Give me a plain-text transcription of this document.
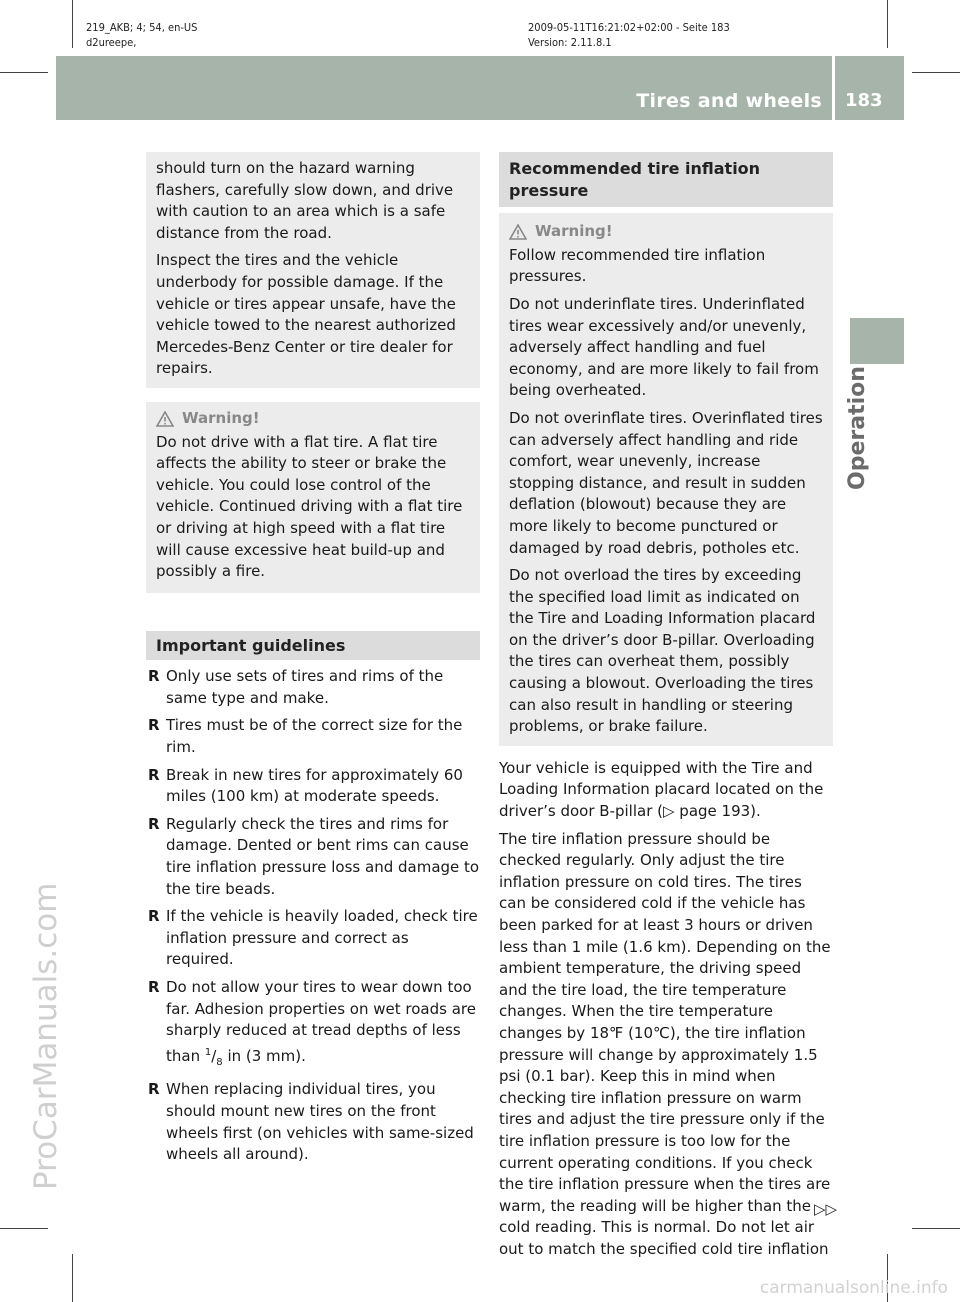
219_AKB; 4; 54, en-US
d2ureepe,
2009-05-11T16:21:02+02:00 - Seite 183
Version: 2.11.8.1
Tires and wheels 183
Operation
ProCarManuals.com

should turn on the hazard warning flashers, carefully slow down, and drive with caution to an area which is a safe distance from the road.

Inspect the tires and the vehicle underbody for possible damage. If the vehicle or tires appear unsafe, have the vehicle towed to the nearest authorized Mercedes-Benz Center or tire dealer for repairs.

Warning!

Do not drive with a flat tire. A flat tire affects the ability to steer or brake the vehicle. You could lose control of the vehicle. Continued driving with a flat tire or driving at high speed with a flat tire will cause excessive heat build-up and possibly a fire.

Important guidelines
R Only use sets of tires and rims of the same type and make.
R Tires must be of the correct size for the rim.
R Break in new tires for approximately 60 miles (100 km) at moderate speeds.
R Regularly check the tires and rims for damage. Dented or bent rims can cause tire inflation pressure loss and damage to the tire beads.
R If the vehicle is heavily loaded, check tire inflation pressure and correct as required.
R Do not allow your tires to wear down too far. Adhesion properties on wet roads are sharply reduced at tread depths of less than $^1/_8$ in (3 mm).
R When replacing individual tires, you should mount new tires on the front wheels first (on vehicles with same-sized wheels all around).
Recommended tire inflation pressure
Warning!

Follow recommended tire inflation pressures.

Do not underinflate tires. Underinflated tires wear excessively and/or unevenly, adversely affect handling and fuel economy, and are more likely to fail from being overheated.

Do not overinflate tires. Overinflated tires can adversely affect handling and ride comfort, wear unevenly, increase stopping distance, and result in sudden deflation (blowout) because they are more likely to become punctured or damaged by road debris, potholes etc.

Do not overload the tires by exceeding the specified load limit as indicated on the Tire and Loading Information placard on the driver’s door B-pillar. Overloading the tires can overheat them, possibly causing a blowout. Overloading the tires can also result in handling or steering problems, or brake failure.

Your vehicle is equipped with the Tire and Loading Information placard located on the driver’s door B-pillar (▷ page 193).

The tire inflation pressure should be checked regularly. Only adjust the tire inflation pressure on cold tires. The tires can be considered cold if the vehicle has been parked for at least 3 hours or driven less than 1 mile (1.6 km). Depending on the ambient temperature, the driving speed and the tire load, the tire temperature changes. When the tire temperature changes by 18℉ (10℃), the tire inflation pressure will change by approximately 1.5 psi (0.1 bar). Keep this in mind when checking tire inflation pressure on warm tires and adjust the tire pressure only if the tire inflation pressure is too low for the current operating conditions. If you check the tire inflation pressure when the tires are warm, the reading will be higher than the cold reading. This is normal. Do not let air out to match the specified cold tire inflation

▷▷
carmanualsonline.info
